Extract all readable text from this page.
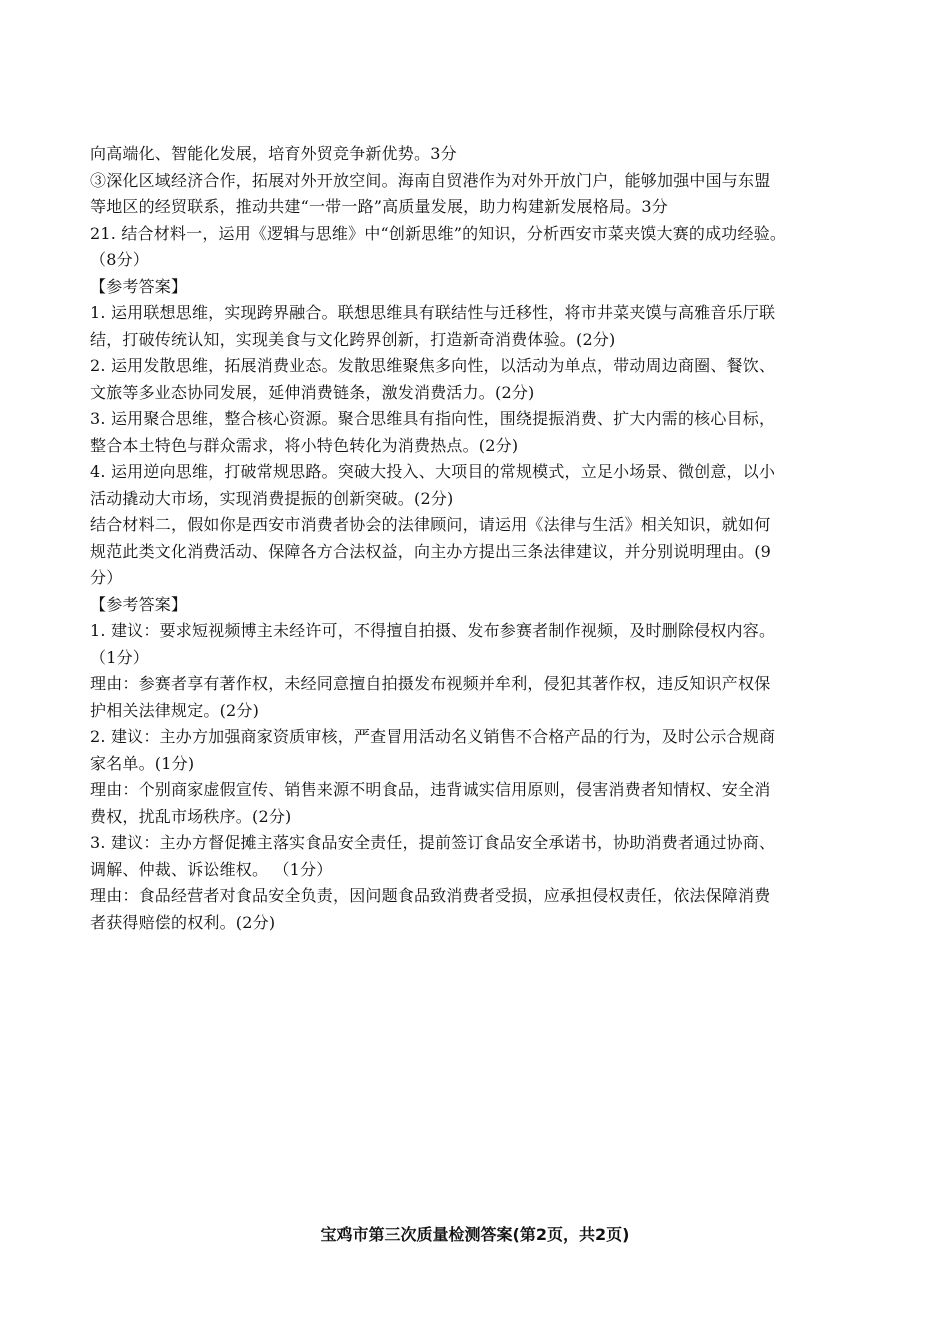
向高端化、智能化发展，培育外贸竞争新优势。3分
③深化区域经济合作，拓展对外开放空间。海南自贸港作为对外开放门户，能够加强中国与东盟
等地区的经贸联系，推动共建“一带一路”高质量发展，助力构建新发展格局。3分
21. 结合材料一，运用《逻辑与思维》中“创新思维”的知识，分析西安市菜夹馍大赛的成功经验。
（8分）
【参考答案】
1. 运用联想思维，实现跨界融合。联想思维具有联结性与迁移性，将市井菜夹馍与高雅音乐厅联
结，打破传统认知，实现美食与文化跨界创新，打造新奇消费体验。(2分)
2. 运用发散思维，拓展消费业态。发散思维聚焦多向性，以活动为单点，带动周边商圈、餐饮、
文旅等多业态协同发展，延伸消费链条，激发消费活力。(2分)
3. 运用聚合思维，整合核心资源。聚合思维具有指向性，围绕提振消费、扩大内需的核心目标，
整合本土特色与群众需求，将小特色转化为消费热点。(2分)
4. 运用逆向思维，打破常规思路。突破大投入、大项目的常规模式，立足小场景、微创意，以小
活动撬动大市场，实现消费提振的创新突破。(2分)
结合材料二，假如你是西安市消费者协会的法律顾问，请运用《法律与生活》相关知识，就如何
规范此类文化消费活动、保障各方合法权益，向主办方提出三条法律建议，并分别说明理由。(9
分）
【参考答案】
1. 建议：要求短视频博主未经许可，不得擅自拍摄、发布参赛者制作视频，及时删除侵权内容。
（1分）
理由：参赛者享有著作权，未经同意擅自拍摄发布视频并牟利，侵犯其著作权，违反知识产权保
护相关法律规定。(2分)
2. 建议：主办方加强商家资质审核，严查冒用活动名义销售不合格产品的行为，及时公示合规商
家名单。(1分)
理由：个别商家虚假宣传、销售来源不明食品，违背诚实信用原则，侵害消费者知情权、安全消
费权，扰乱市场秩序。(2分)
3. 建议：主办方督促摊主落实食品安全责任，提前签订食品安全承诺书，协助消费者通过协商、
调解、仲裁、诉讼维权。 （1分）
理由：食品经营者对食品安全负责，因问题食品致消费者受损，应承担侵权责任，依法保障消费
者获得赔偿的权利。(2分)
宝鸡市第三次质量检测答案(第2页，共2页)
